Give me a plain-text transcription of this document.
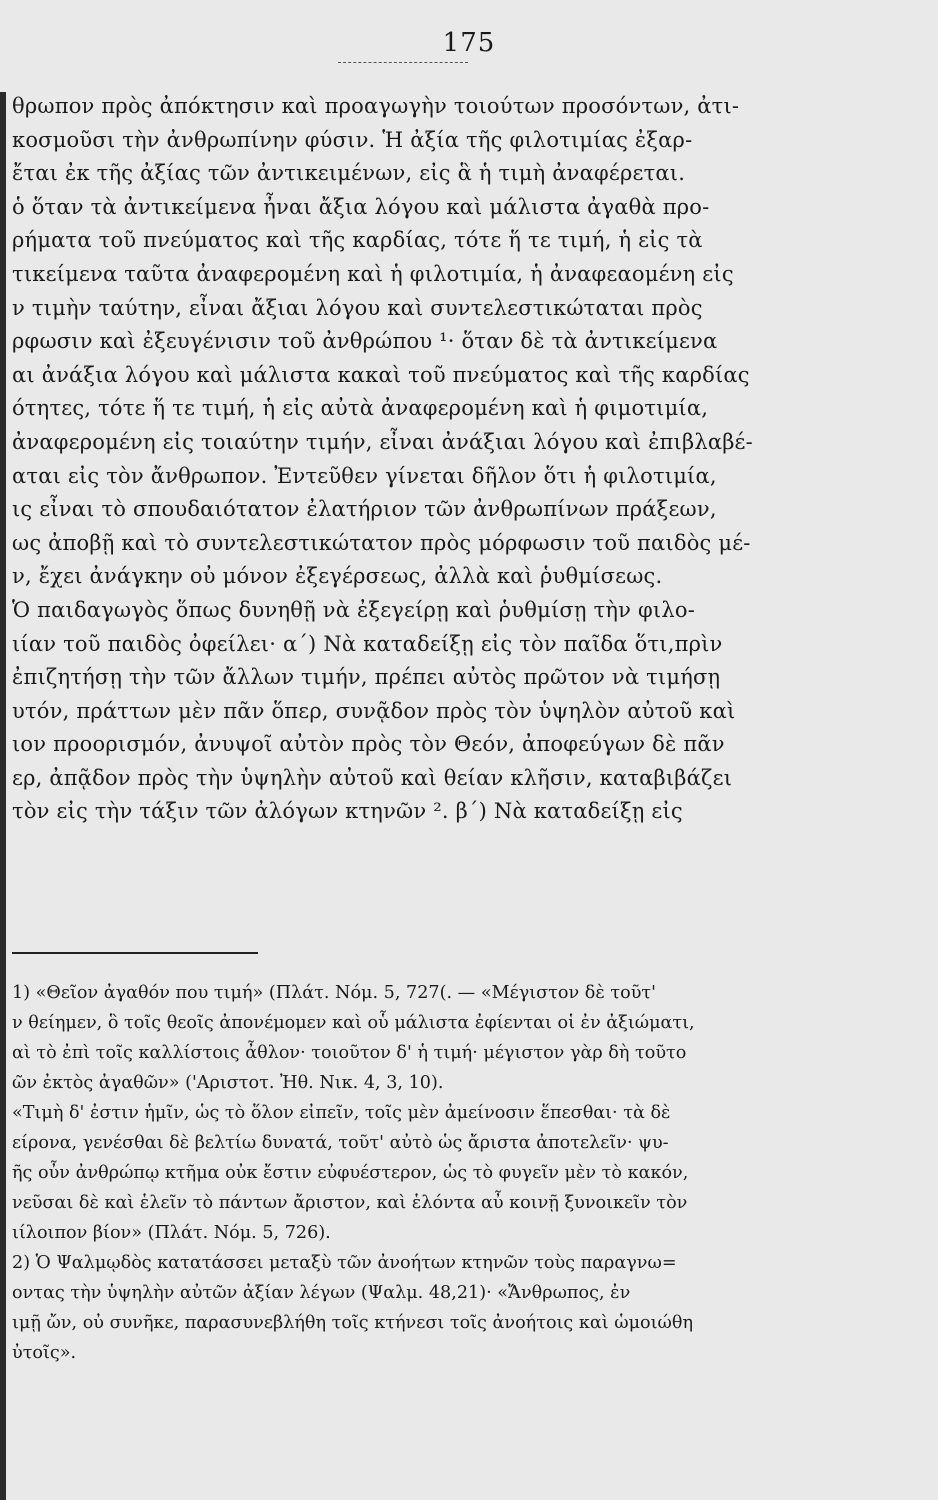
175
θρωπον πρὸς ἀπόκτησιν καὶ προαγωγὴν τοιούτων προσόντων, ἀτι-
κοσμοῦσι τὴν ἀνθρωπίνην φύσιν. Ἡ ἀξία τῆς φιλοτιμίας ἐξαρ-
ἔται ἐκ τῆς ἀξίας τῶν ἀντικειμένων, εἰς ἃ ἡ τιμὴ ἀναφέρεται.
ὁ ὅταν τὰ ἀντικείμενα ἦναι ἄξια λόγου καὶ μάλιστα ἀγαθὰ προ-
ρήματα τοῦ πνεύματος καὶ τῆς καρδίας, τότε ἥ τε τιμή, ἡ εἰς τὰ
τικείμενα ταῦτα ἀναφερομένη καὶ ἡ φιλοτιμία, ἡ ἀναφεαομένη εἰς
ν τιμὴν ταύτην, εἶναι ἄξιαι λόγου καὶ συντελεστικώταται πρὸς
ρφωσιν καὶ ἐξευγένισιν τοῦ ἀνθρώπου ¹· ὅταν δὲ τὰ ἀντικείμενα
αι ἀνάξια λόγου καὶ μάλιστα κακαὶ τοῦ πνεύματος καὶ τῆς καρδίας
ότητες, τότε ἥ τε τιμή, ἡ εἰς αὐτὰ ἀναφερομένη καὶ ἡ φιμοτιμία,
ἀναφερομένη εἰς τοιαύτην τιμήν, εἶναι ἀνάξιαι λόγου καὶ ἐπιβλαβέ-
αται εἰς τὸν ἄνθρωπον. Ἐντεῦθεν γίνεται δῆλον ὅτι ἡ φιλοτιμία,
ις εἶναι τὸ σπουδαιότατον ἐλατήριον τῶν ἀνθρωπίνων πράξεων,
ως ἀποβῇ καὶ τὸ συντελεστικώτατον πρὸς μόρφωσιν τοῦ παιδὸς μέ-
ν, ἔχει ἀνάγκην οὐ μόνον ἐξεγέρσεως, ἀλλὰ καὶ ῥυθμίσεως.
Ὁ παιδαγωγὸς ὅπως δυνηθῇ νὰ ἐξεγείρῃ καὶ ῥυθμίσῃ τὴν φιλο-
ιίαν τοῦ παιδὸς ὀφείλει· α΄) Νὰ καταδείξῃ εἰς τὸν παῖδα ὅτι,πρὶν
ἐπιζητήσῃ τὴν τῶν ἄλλων τιμήν, πρέπει αὐτὸς πρῶτον νὰ τιμήσῃ
υτόν, πράττων μὲν πᾶν ὅπερ, συνᾷδον πρὸς τὸν ὑψηλὸν αὐτοῦ καὶ
ιον προορισμόν, ἀνυψοῖ αὐτὸν πρὸς τὸν Θεόν, ἀποφεύγων δὲ πᾶν
ερ, ἀπᾷδον πρὸς τὴν ὑψηλὴν αὐτοῦ καὶ θείαν κλῆσιν, καταβιβάζει
τὸν εἰς τὴν τάξιν τῶν ἀλόγων κτηνῶν ². β΄) Νὰ καταδείξῃ εἰς
1) «Θεῖον ἀγαθόν που τιμή» (Πλάτ. Νόμ. 5, 727(. — «Μέγιστον δὲ τοῦτ'
ν θείημεν, ὃ τοῖς θεοῖς ἀπονέμομεν καὶ οὗ μάλιστα ἐφίενται οἱ ἐν ἀξιώματι,
αὶ τὸ ἐπὶ τοῖς καλλίστοις ἆθλον· τοιοῦτον δ' ἡ τιμή· μέγιστον γὰρ δὴ τοῦτο
ῶν ἐκτὸς ἀγαθῶν» ('Αριστοτ. Ἠθ. Νικ. 4, 3, 10).
«Τιμὴ δ' ἐστιν ἡμῖν, ὡς τὸ ὅλον εἰπεῖν, τοῖς μὲν ἀμείνοσιν ἕπεσθαι· τὰ δὲ
είρονα, γενέσθαι δὲ βελτίω δυνατά, τοῦτ' αὐτὸ ὡς ἄριστα ἀποτελεῖν· ψυ-
ῆς οὖν ἀνθρώπῳ κτῆμα οὐκ ἔστιν εὐφυέστερον, ὡς τὸ φυγεῖν μὲν τὸ κακόν,
νεῦσαι δὲ καὶ ἑλεῖν τὸ πάντων ἄριστον, καὶ ἑλόντα αὖ κοινῇ ξυνοικεῖν τὸν
ιίλοιπον βίον» (Πλάτ. Νόμ. 5, 726).
2) Ὁ Ψαλμῳδὸς κατατάσσει μεταξὺ τῶν ἀνοήτων κτηνῶν τοὺς παραγνω=
οντας τὴν ὑψηλὴν αὐτῶν ἀξίαν λέγων (Ψαλμ. 48,21)· «Ἄνθρωπος, ἐν
ιμῇ ὤν, οὐ συνῆκε, παρασυνεβλήθη τοῖς κτήνεσι τοῖς ἀνοήτοις καὶ ὡμοιώθη
ὐτοῖς».
